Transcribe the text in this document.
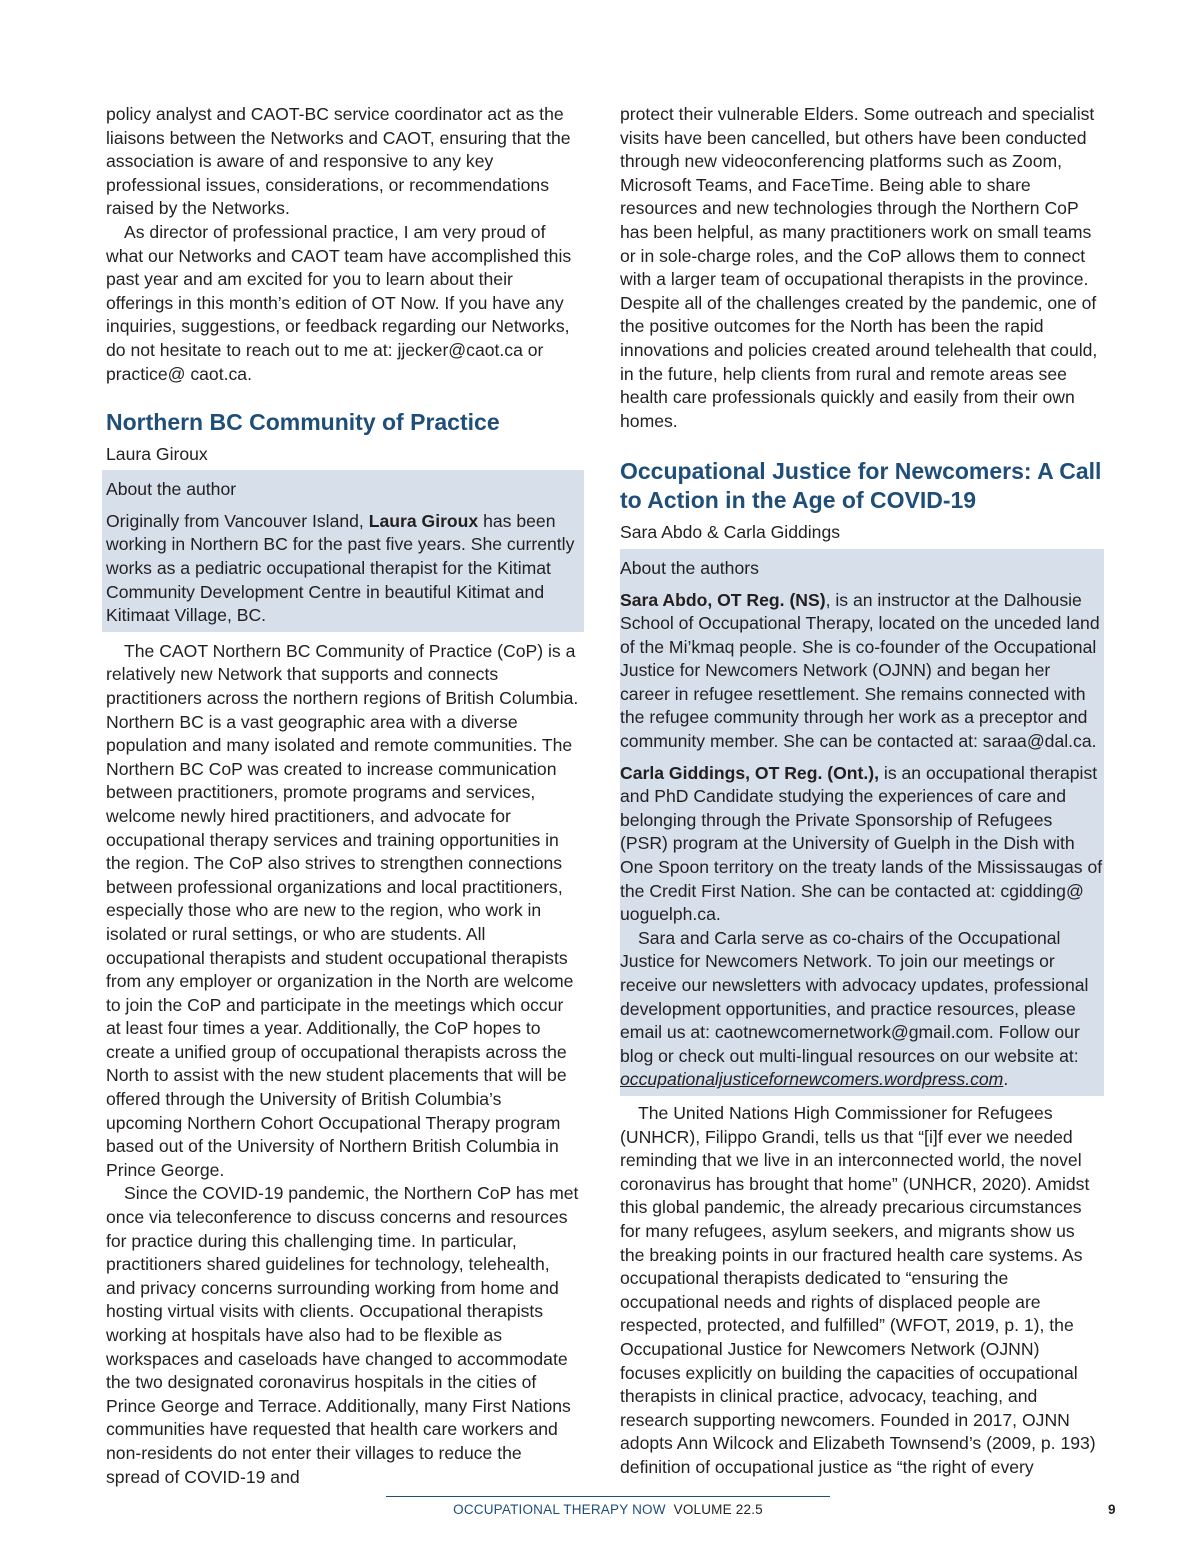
policy analyst and CAOT-BC service coordinator act as the liaisons between the Networks and CAOT, ensuring that the association is aware of and responsive to any key professional issues, considerations, or recommendations raised by the Networks.

As director of professional practice, I am very proud of what our Networks and CAOT team have accomplished this past year and am excited for you to learn about their offerings in this month’s edition of OT Now. If you have any inquiries, suggestions, or feedback regarding our Networks, do not hesitate to reach out to me at: jjecker@caot.ca or practice@ caot.ca.

Northern BC Community of Practice

Laura Giroux

About the author

Originally from Vancouver Island, Laura Giroux has been working in Northern BC for the past five years. She currently works as a pediatric occupational therapist for the Kitimat Community Development Centre in beautiful Kitimat and Kitimaat Village, BC.

The CAOT Northern BC Community of Practice (CoP) is a relatively new Network that supports and connects practitioners across the northern regions of British Columbia. Northern BC is a vast geographic area with a diverse population and many isolated and remote communities. The Northern BC CoP was created to increase communication between practitioners, promote programs and services, welcome newly hired practitioners, and advocate for occupational therapy services and training opportunities in the region. The CoP also strives to strengthen connections between professional organizations and local practitioners, especially those who are new to the region, who work in isolated or rural settings, or who are students. All occupational therapists and student occupational therapists from any employer or organization in the North are welcome to join the CoP and participate in the meetings which occur at least four times a year. Additionally, the CoP hopes to create a unified group of occupational therapists across the North to assist with the new student placements that will be offered through the University of British Columbia’s upcoming Northern Cohort Occupational Therapy program based out of the University of Northern British Columbia in Prince George.

Since the COVID-19 pandemic, the Northern CoP has met once via teleconference to discuss concerns and resources for practice during this challenging time. In particular, practitioners shared guidelines for technology, telehealth, and privacy concerns surrounding working from home and hosting virtual visits with clients. Occupational therapists working at hospitals have also had to be flexible as workspaces and caseloads have changed to accommodate the two designated coronavirus hospitals in the cities of Prince George and Terrace. Additionally, many First Nations communities have requested that health care workers and non-residents do not enter their villages to reduce the spread of COVID-19 and

protect their vulnerable Elders. Some outreach and specialist visits have been cancelled, but others have been conducted through new videoconferencing platforms such as Zoom, Microsoft Teams, and FaceTime. Being able to share resources and new technologies through the Northern CoP has been helpful, as many practitioners work on small teams or in sole-charge roles, and the CoP allows them to connect with a larger team of occupational therapists in the province. Despite all of the challenges created by the pandemic, one of the positive outcomes for the North has been the rapid innovations and policies created around telehealth that could, in the future, help clients from rural and remote areas see health care professionals quickly and easily from their own homes.

Occupational Justice for Newcomers: A Call to Action in the Age of COVID-19

Sara Abdo & Carla Giddings

About the authors

Sara Abdo, OT Reg. (NS), is an instructor at the Dalhousie School of Occupational Therapy, located on the unceded land of the Mi’kmaq people. She is co-founder of the Occupational Justice for Newcomers Network (OJNN) and began her career in refugee resettlement. She remains connected with the refugee community through her work as a preceptor and community member. She can be contacted at: saraa@dal.ca.

Carla Giddings, OT Reg. (Ont.), is an occupational therapist and PhD Candidate studying the experiences of care and belonging through the Private Sponsorship of Refugees (PSR) program at the University of Guelph in the Dish with One Spoon territory on the treaty lands of the Mississaugas of the Credit First Nation. She can be contacted at: cgidding@ uoguelph.ca.

Sara and Carla serve as co-chairs of the Occupational Justice for Newcomers Network. To join our meetings or receive our newsletters with advocacy updates, professional development opportunities, and practice resources, please email us at: caotnewcomernetwork@gmail.com. Follow our blog or check out multi-lingual resources on our website at: occupationaljusticefornewcomers.wordpress.com.

The United Nations High Commissioner for Refugees (UNHCR), Filippo Grandi, tells us that “[i]f ever we needed reminding that we live in an interconnected world, the novel coronavirus has brought that home” (UNHCR, 2020). Amidst this global pandemic, the already precarious circumstances for many refugees, asylum seekers, and migrants show us the breaking points in our fractured health care systems. As occupational therapists dedicated to “ensuring the occupational needs and rights of displaced people are respected, protected, and fulfilled” (WFOT, 2019, p. 1), the Occupational Justice for Newcomers Network (OJNN) focuses explicitly on building the capacities of occupational therapists in clinical practice, advocacy, teaching, and research supporting newcomers. Founded in 2017, OJNN adopts Ann Wilcock and Elizabeth Townsend’s (2009, p. 193) definition of occupational justice as “the right of every

OCCUPATIONAL THERAPY NOW VOLUME 22.5	9
